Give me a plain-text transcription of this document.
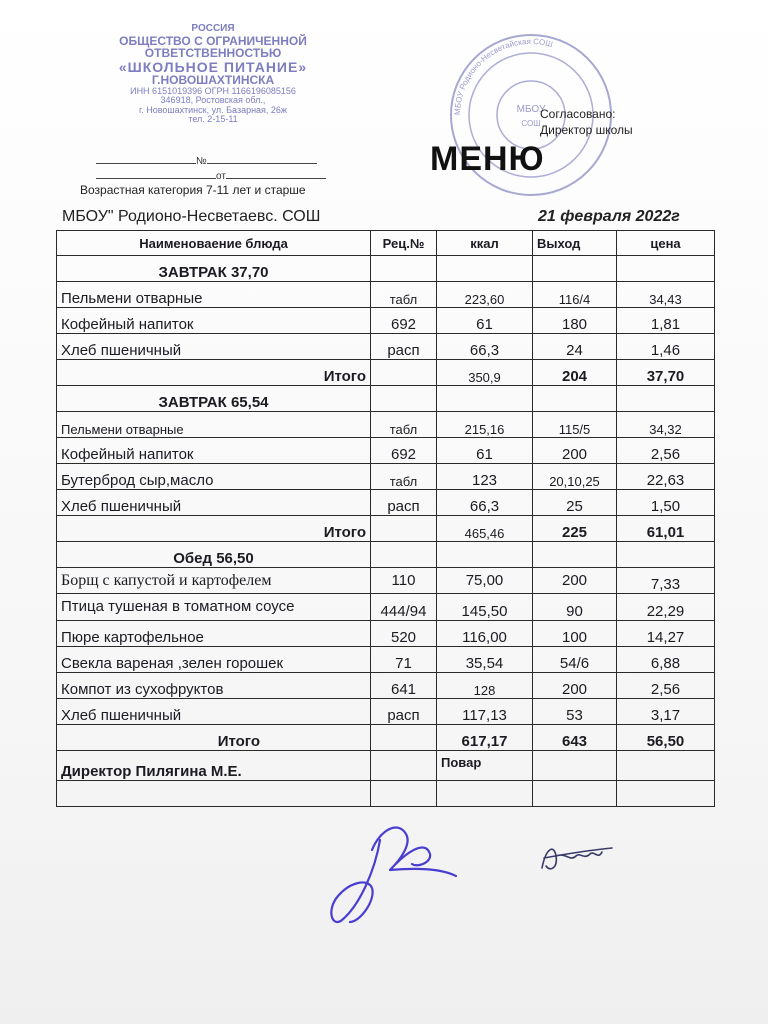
РОССИЯ
ОБЩЕСТВО С ОГРАНИЧЕННОЙ
ОТВЕТСТВЕННОСТЬЮ
«ШКОЛЬНОЕ ПИТАНИЕ»
Г.НОВОШАХТИНСКА
ИНН 6151019396 ОГРН 1166196085156
346918, Ростовская обл.,
г. Новошахтинск, ул. Базарная, 26ж
тел. 2-15-11
№
от
Возрастная категория 7-11 лет и старше
МБОУ Родионо-Несветайская СОШ
МБОУ
СОШ
Согласовано:
Директор школы
МЕНЮ
МБОУ" Родионо-Несветаевс. СОШ	21 февраля 2022г
Наименоваение блюда	Рец.№	ккал	Выход	цена
ЗАВТРАК 37,70				
Пельмени отварные	табл	223,60	116/4	34,43
Кофейный напиток	692	61	180	1,81
Хлеб пшеничный	расп	66,3	24	1,46
Итого		350,9	204	37,70
ЗАВТРАК 65,54				
Пельмени отварные	табл	215,16	115/5	34,32
Кофейный напиток	692	61	200	2,56
Бутерброд сыр,масло	табл	123	20,10,25	22,63
Хлеб пшеничный	расп	66,3	25	1,50
Итого		465,46	225	61,01
Обед 56,50				
Борщ с капустой и картофелем	110	75,00	200	7,33
Птица тушеная в томатном соусе	444/94	145,50	90	22,29
Пюре картофельное	520	116,00	100	14,27
Свекла вареная ,зелен горошек	71	35,54	54/6	6,88
Компот из сухофруктов	641	128	200	2,56
Хлеб пшеничный	расп	117,13	53	3,17
Итого		617,17	643	56,50
Директор Пилягина М.Е.		Повар		
